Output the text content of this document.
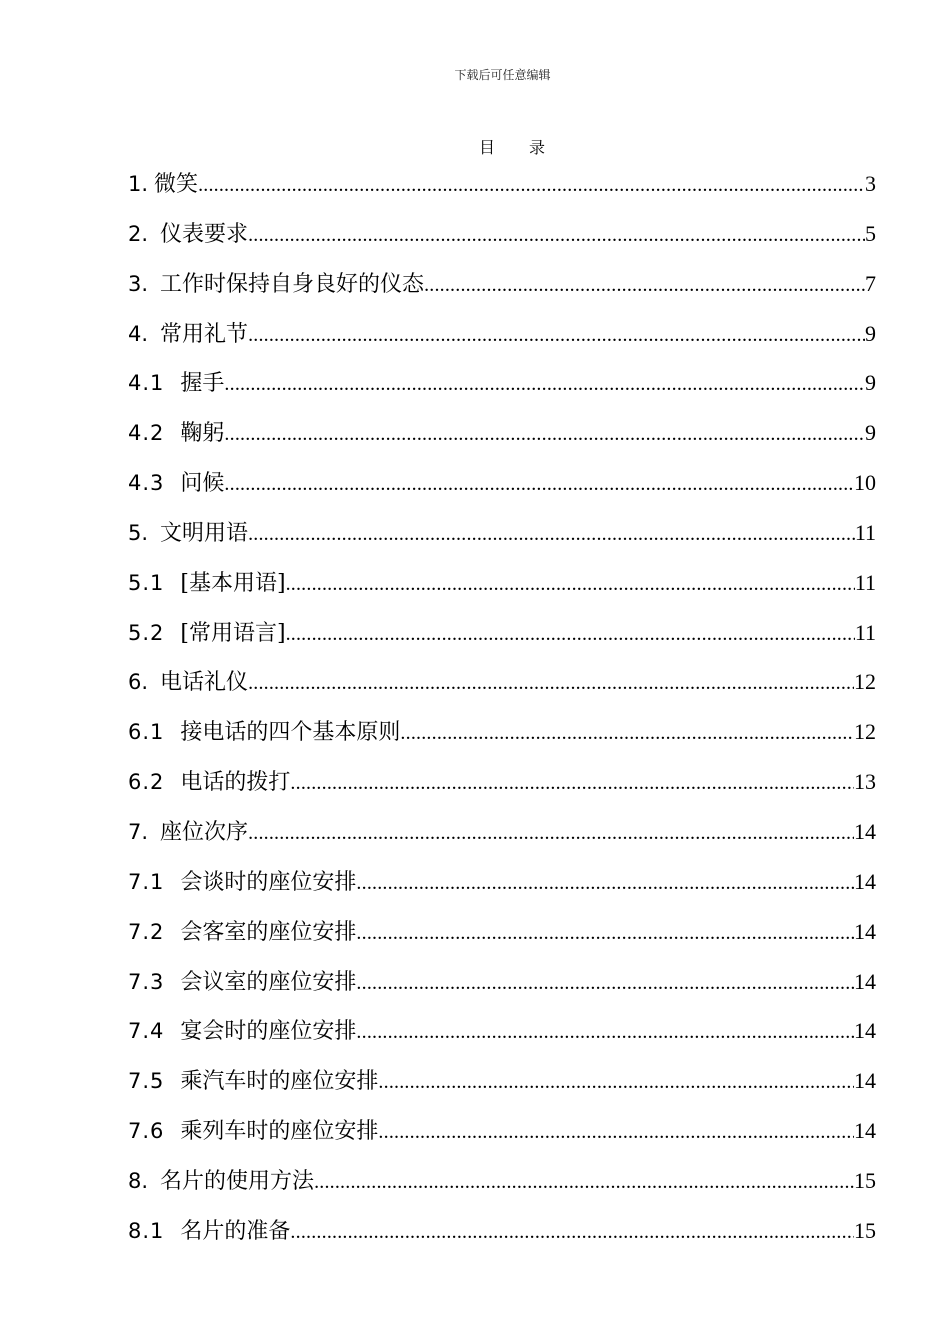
下载后可任意编辑
目录
1. 微笑 .....	3
2. 仪表要求 .....	5
3. 工作时保持自身良好的仪态 .....	7
4. 常用礼节 .....	9
4.1 握手 .....	9
4.2 鞠躬 .....	9
4.3 问候 .....	10
5. 文明用语 .....	11
5.1 [基本用语] .....	11
5.2 [常用语言] .....	11
6. 电话礼仪 .....	12
6.1 接电话的四个基本原则 .....	12
6.2 电话的拨打 .....	13
7. 座位次序 .....	14
7.1 会谈时的座位安排 .....	14
7.2 会客室的座位安排 .....	14
7.3 会议室的座位安排 .....	14
7.4 宴会时的座位安排 .....	14
7.5 乘汽车时的座位安排 .....	14
7.6 乘列车时的座位安排 .....	14
8. 名片的使用方法 .....	15
8.1 名片的准备 .....	15
